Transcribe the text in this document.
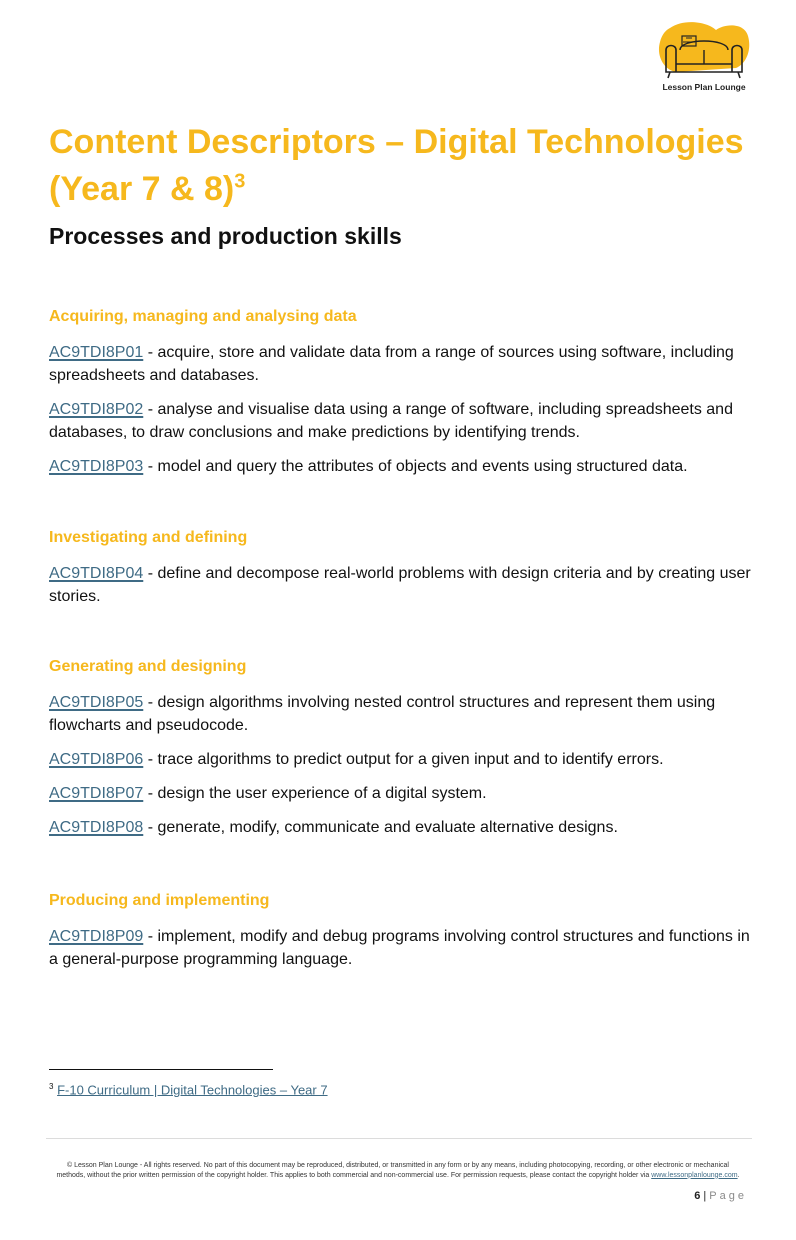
Lesson Plan Lounge
Content Descriptors – Digital Technologies (Year 7 & 8)$^3$
Processes and production skills
Acquiring, managing and analysing data

AC9TDI8P01 - acquire, store and validate data from a range of sources using software, including spreadsheets and databases.

AC9TDI8P02 - analyse and visualise data using a range of software, including spreadsheets and databases, to draw conclusions and make predictions by identifying trends.

AC9TDI8P03 - model and query the attributes of objects and events using structured data.

Investigating and defining

AC9TDI8P04 - define and decompose real-world problems with design criteria and by creating user stories.

Generating and designing

AC9TDI8P05 - design algorithms involving nested control structures and represent them using flowcharts and pseudocode.

AC9TDI8P06 - trace algorithms to predict output for a given input and to identify errors.

AC9TDI8P07 - design the user experience of a digital system.

AC9TDI8P08 - generate, modify, communicate and evaluate alternative designs.

Producing and implementing

AC9TDI8P09 - implement, modify and debug programs involving control structures and functions in a general-purpose programming language.

$^3$ F-10 Curriculum | Digital Technologies – Year 7
© Lesson Plan Lounge - All rights reserved. No part of this document may be reproduced, distributed, or transmitted in any form or by any means, including photocopying, recording, or other electronic or mechanical methods, without the prior written permission of the copyright holder. This applies to both commercial and non-commercial use. For permission requests, please contact the copyright holder via www.lessonplanlounge.com.
6 | Page
